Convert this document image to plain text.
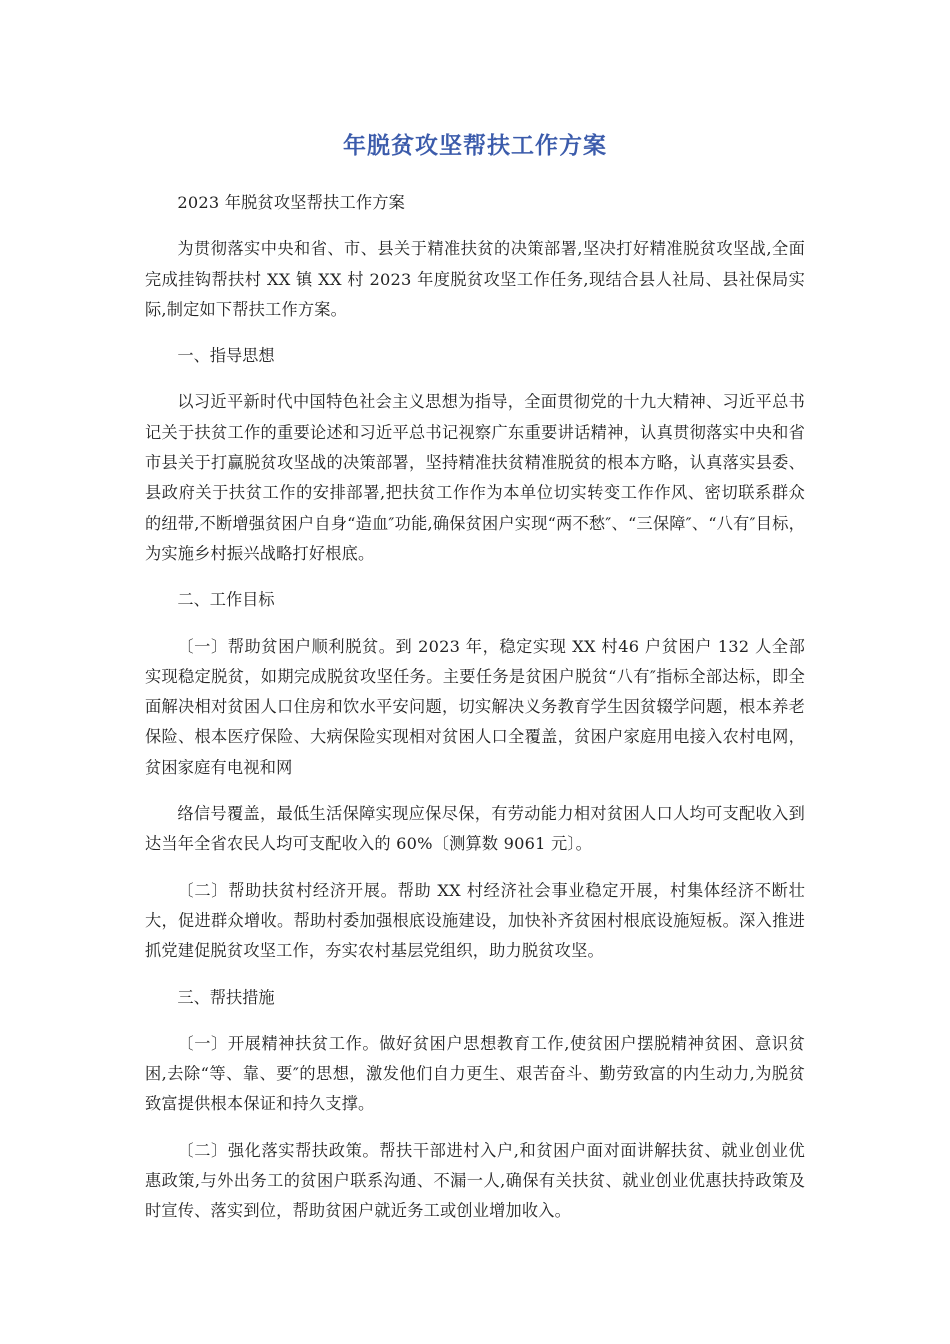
年脱贫攻坚帮扶工作方案

2023 年脱贫攻坚帮扶工作方案

为贯彻落实中央和省、市、县关于精准扶贫的决策部署,坚决打好精准脱贫攻坚战,全面完成挂钩帮扶村 XX 镇 XX 村 2023 年度脱贫攻坚工作任务,现结合县人社局、县社保局实际,制定如下帮扶工作方案。

一、指导思想

以习近平新时代中国特色社会主义思想为指导，全面贯彻党的十九大精神、习近平总书记关于扶贫工作的重要论述和习近平总书记视察广东重要讲话精神，认真贯彻落实中央和省市县关于打赢脱贫攻坚战的决策部署，坚持精准扶贫精准脱贫的根本方略，认真落实县委、县政府关于扶贫工作的安排部署,把扶贫工作作为本单位切实转变工作作风、密切联系群众的纽带,不断增强贫困户自身“造血″功能,确保贫困户实现“两不愁″、“三保障″、“八有″目标，为实施乡村振兴战略打好根底。

二、工作目标

〔一〕帮助贫困户顺利脱贫。到 2023 年，稳定实现 XX 村46 户贫困户 132 人全部实现稳定脱贫，如期完成脱贫攻坚任务。主要任务是贫困户脱贫“八有″指标全部达标，即全面解决相对贫困人口住房和饮水平安问题，切实解决义务教育学生因贫辍学问题，根本养老保险、根本医疗保险、大病保险实现相对贫困人口全覆盖，贫困户家庭用电接入农村电网，贫困家庭有电视和网

络信号覆盖，最低生活保障实现应保尽保，有劳动能力相对贫困人口人均可支配收入到达当年全省农民人均可支配收入的 60%〔测算数 9061 元〕。

〔二〕帮助扶贫村经济开展。帮助 XX 村经济社会事业稳定开展，村集体经济不断壮大，促进群众增收。帮助村委加强根底设施建设，加快补齐贫困村根底设施短板。深入推进抓党建促脱贫攻坚工作，夯实农村基层党组织，助力脱贫攻坚。

三、帮扶措施

〔一〕开展精神扶贫工作。做好贫困户思想教育工作,使贫困户摆脱精神贫困、意识贫困,去除“等、靠、要″的思想，激发他们自力更生、艰苦奋斗、勤劳致富的内生动力,为脱贫致富提供根本保证和持久支撑。

〔二〕强化落实帮扶政策。帮扶干部进村入户,和贫困户面对面讲解扶贫、就业创业优惠政策,与外出务工的贫困户联系沟通、不漏一人,确保有关扶贫、就业创业优惠扶持政策及时宣传、落实到位，帮助贫困户就近务工或创业增加收入。
